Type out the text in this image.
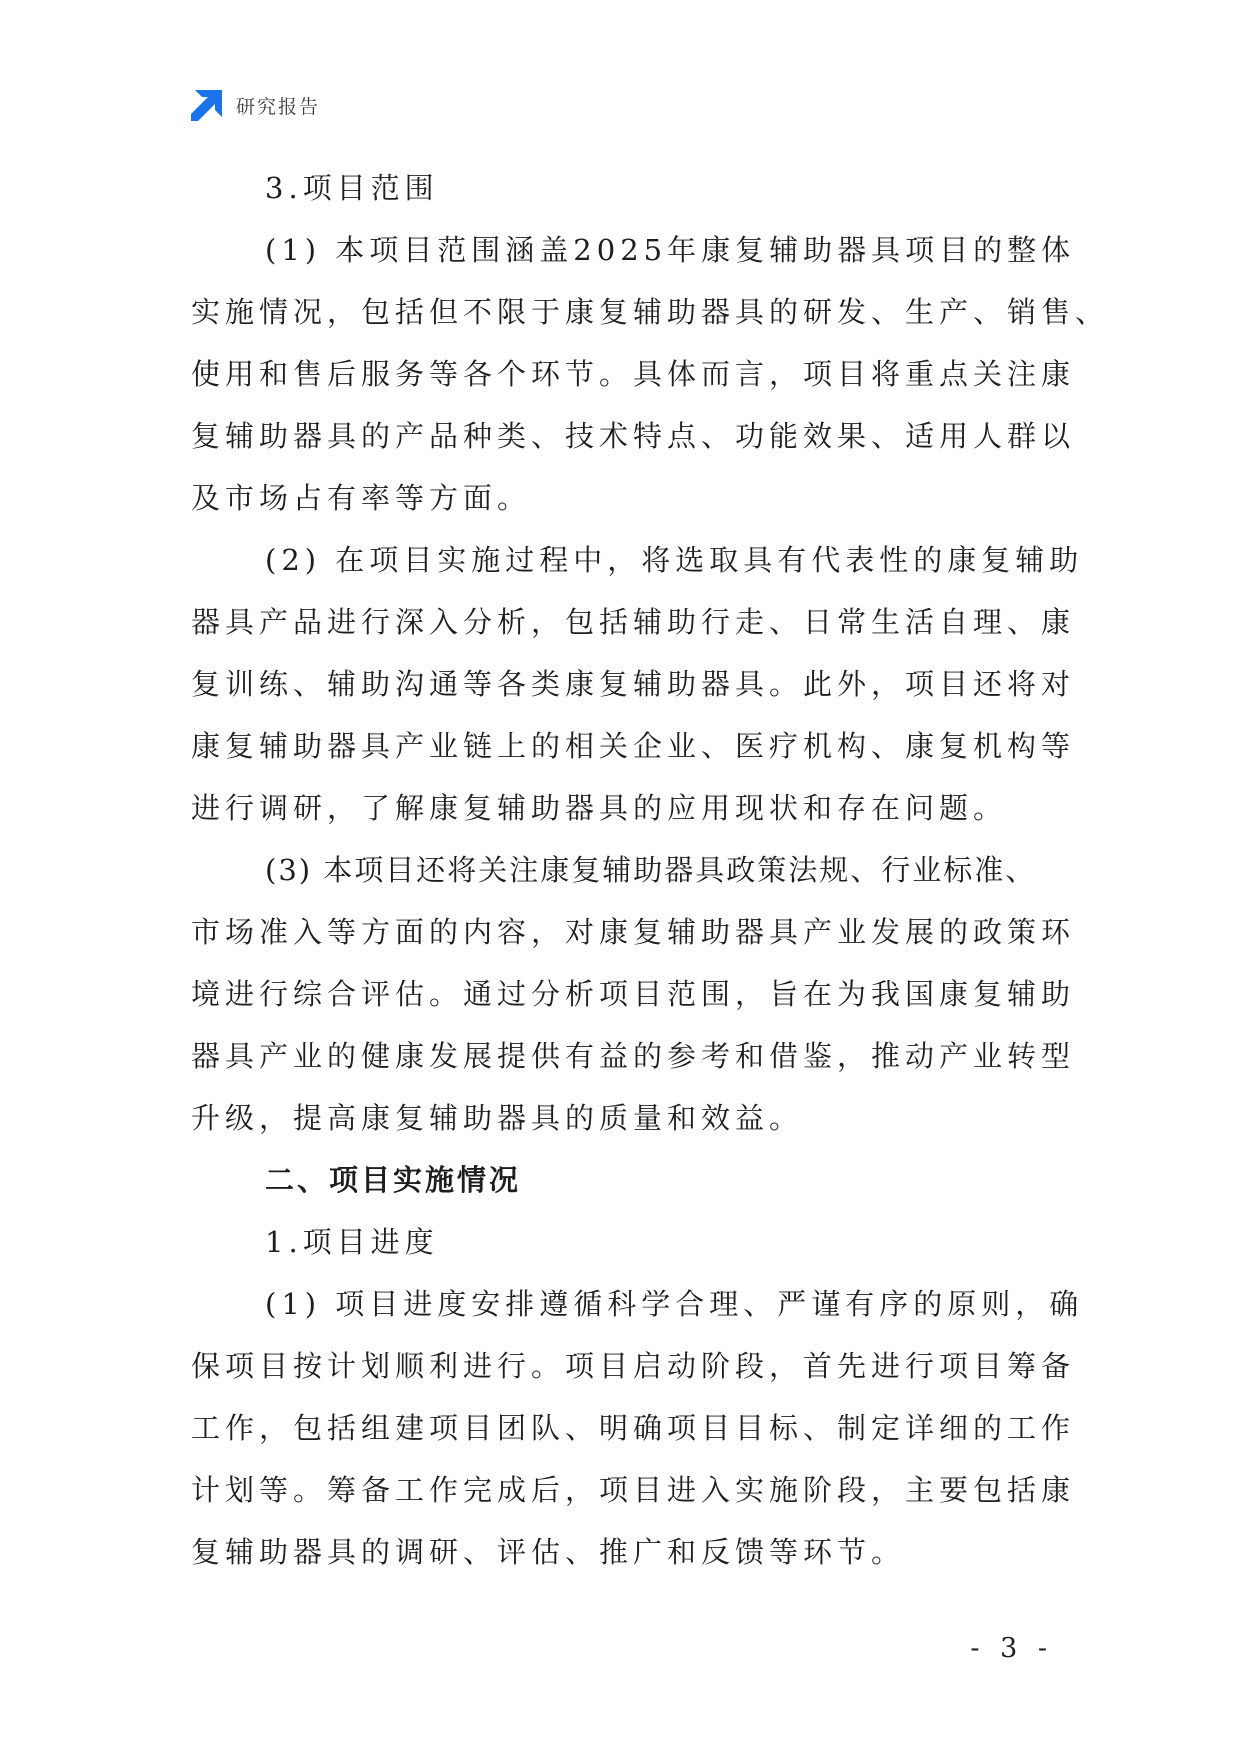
研究报告
3.项目范围
(1) 本项目范围涵盖2025年康复辅助器具项目的整体
实施情况，包括但不限于康复辅助器具的研发、生产、销售、
使用和售后服务等各个环节。具体而言，项目将重点关注康
复辅助器具的产品种类、技术特点、功能效果、适用人群以
及市场占有率等方面。
(2) 在项目实施过程中，将选取具有代表性的康复辅助
器具产品进行深入分析，包括辅助行走、日常生活自理、康
复训练、辅助沟通等各类康复辅助器具。此外，项目还将对
康复辅助器具产业链上的相关企业、医疗机构、康复机构等
进行调研，了解康复辅助器具的应用现状和存在问题。
(3) 本项目还将关注康复辅助器具政策法规、行业标准、
市场准入等方面的内容，对康复辅助器具产业发展的政策环
境进行综合评估。通过分析项目范围，旨在为我国康复辅助
器具产业的健康发展提供有益的参考和借鉴，推动产业转型
升级，提高康复辅助器具的质量和效益。
二、项目实施情况
1.项目进度
(1) 项目进度安排遵循科学合理、严谨有序的原则，确
保项目按计划顺利进行。项目启动阶段，首先进行项目筹备
工作，包括组建项目团队、明确项目目标、制定详细的工作
计划等。筹备工作完成后，项目进入实施阶段，主要包括康
复辅助器具的调研、评估、推广和反馈等环节。
- 3 -
